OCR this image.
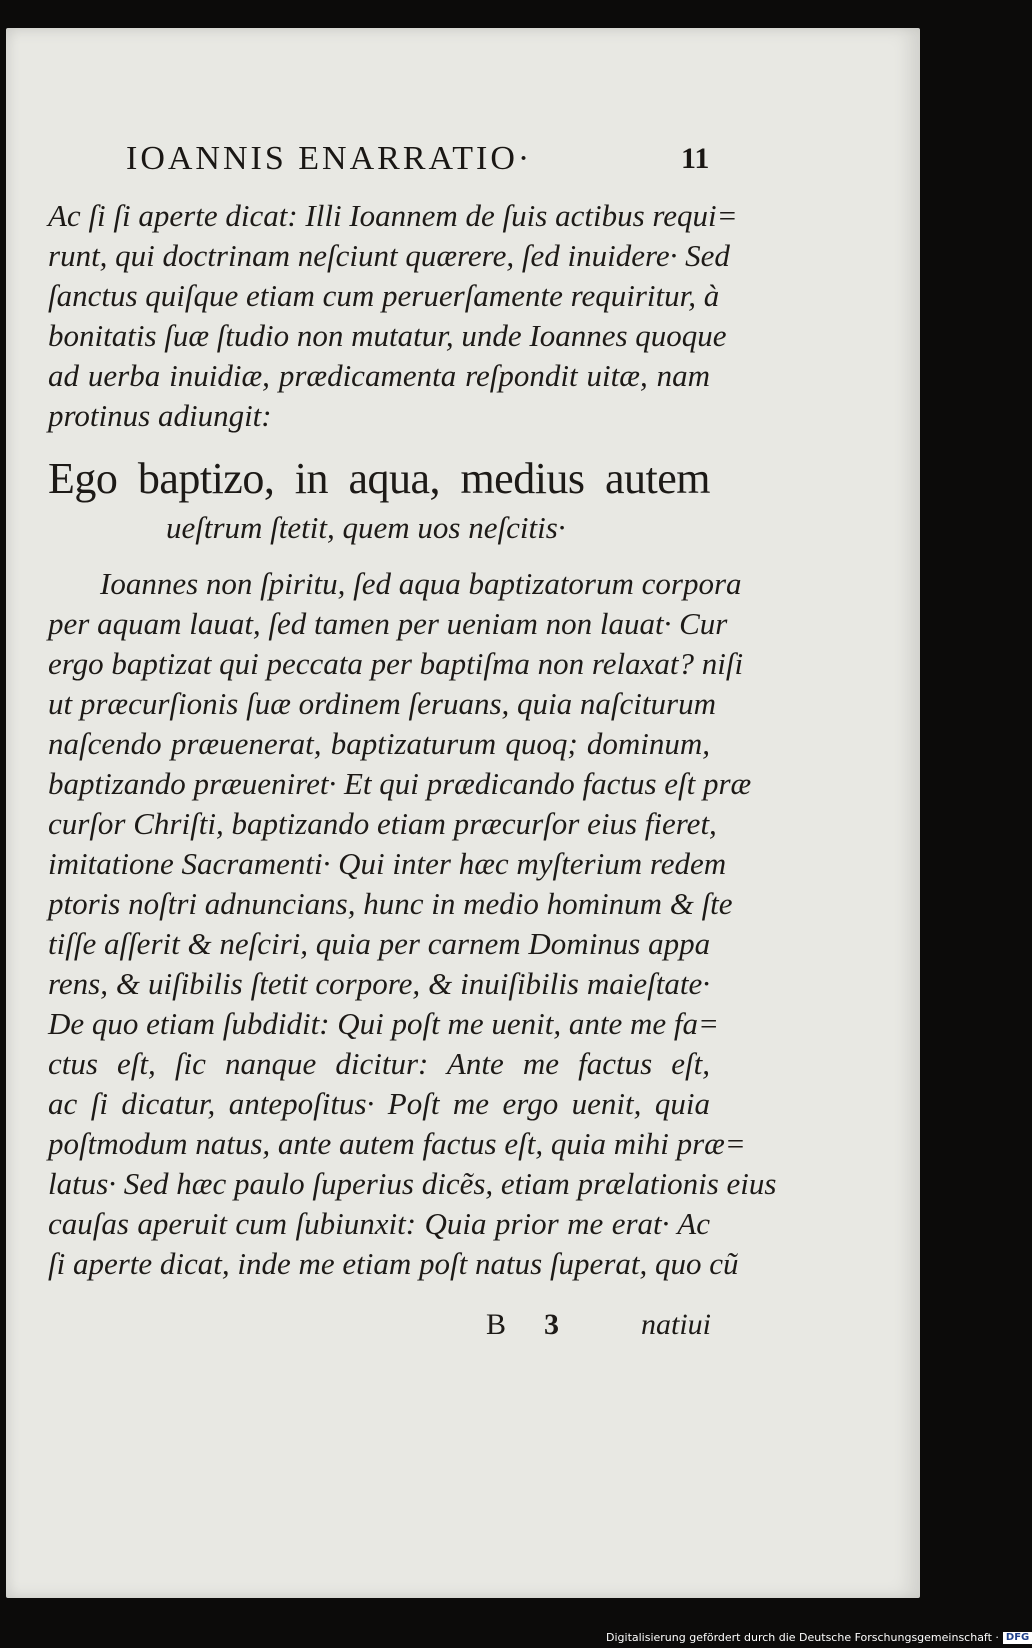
IOANNIS ENARRATIO·	11
Ac ſi ſi aperte dicat: Illi Ioannem de ſuis actibus requi=
runt, qui doctrinam neſciunt quærere, ſed inuidere· Sed
ſanctus quiſque etiam cum peruerſamente requiritur, à
bonitatis ſuæ ſtudio non mutatur, unde Ioannes quoque
ad uerba inuidiæ, prædicamenta reſpondit uitæ, nam
protinus adiungit:
Ego baptizo, in aqua, medius autem
ueſtrum ſtetit, quem uos neſcitis·
Ioannes non ſpiritu, ſed aqua baptizatorum corpora
per aquam lauat, ſed tamen per ueniam non lauat· Cur
ergo baptizat qui peccata per baptiſma non relaxat? niſi
ut præcurſionis ſuæ ordinem ſeruans, quia naſciturum
naſcendo præuenerat, baptizaturum quoq; dominum,
baptizando præueniret· Et qui prædicando factus eſt præ
curſor Chriſti, baptizando etiam præcurſor eius fieret,
imitatione Sacramenti· Qui inter hæc myſterium redem
ptoris noſtri adnuncians, hunc in medio hominum & ſte
tiſſe aſſerit & neſciri, quia per carnem Dominus appa
rens, & uiſibilis ſtetit corpore, & inuiſibilis maieſtate·
De quo etiam ſubdidit: Qui poſt me uenit, ante me fa=
ctus eſt, ſic nanque dicitur: Ante me factus eſt,
ac ſi dicatur, antepoſitus· Poſt me ergo uenit, quia
poſtmodum natus, ante autem factus eſt, quia mihi præ=
latus· Sed hæc paulo ſuperius dicẽs, etiam prælationis eius
cauſas aperuit cum ſubiunxit: Quia prior me erat· Ac
ſi aperte dicat, inde me etiam poſt natus ſuperat, quo cũ
B 3	natiui
Digitalisierung gefördert durch die Deutsche Forschungsgemeinschaft · DFG
